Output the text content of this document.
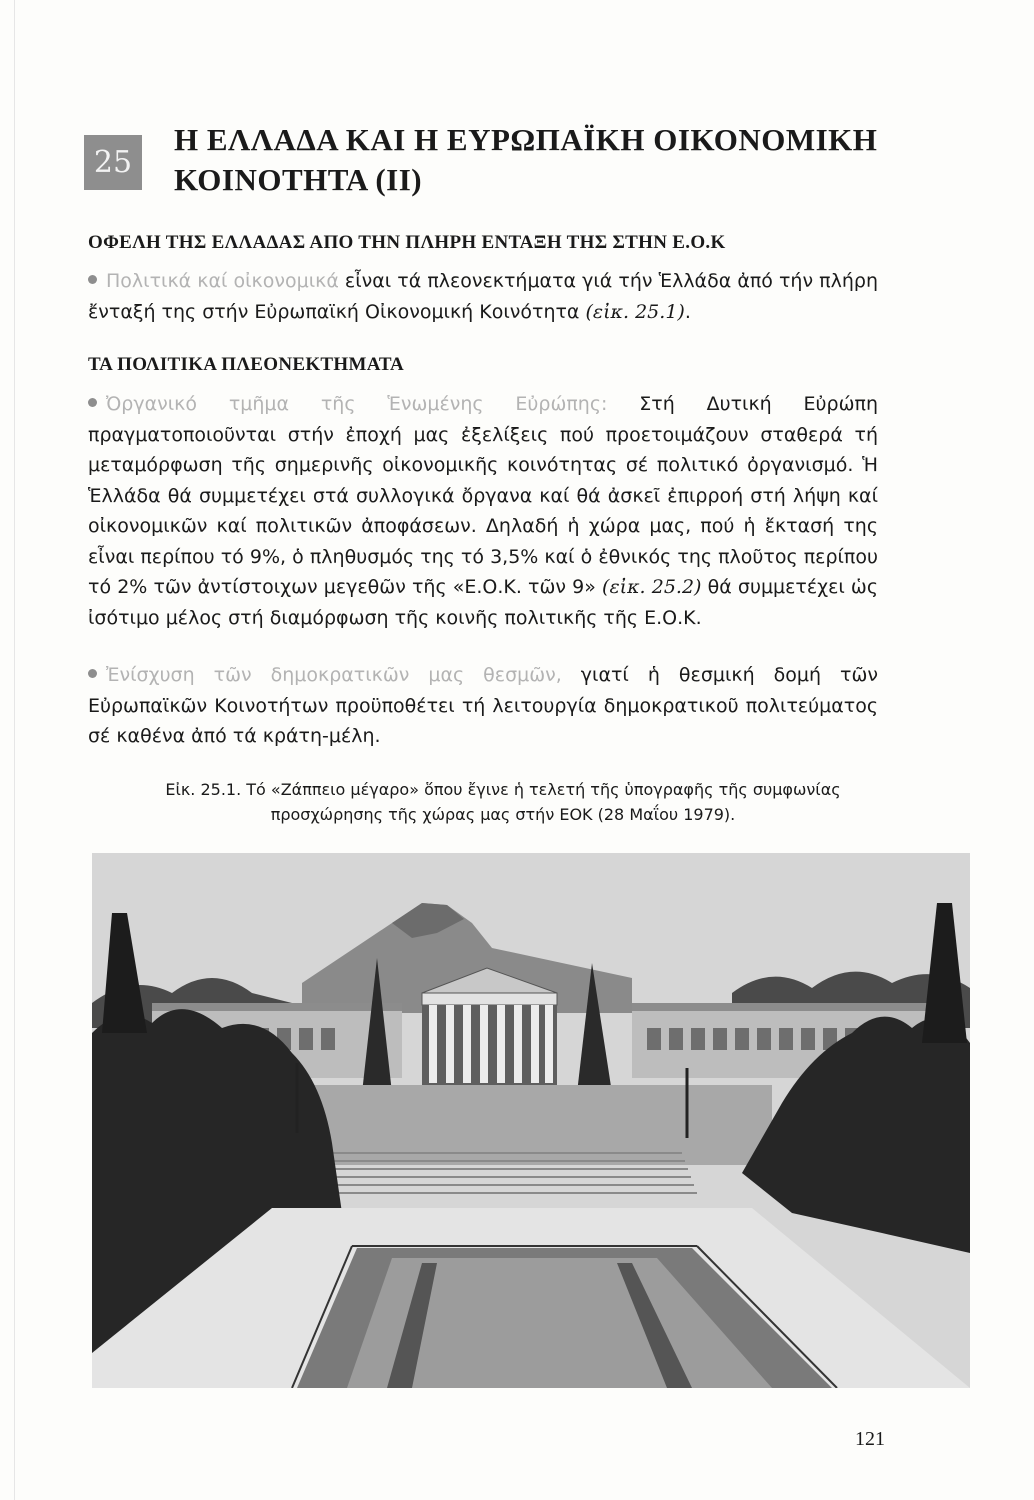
25
Η ΕΛΛΑΔΑ ΚΑΙ Η ΕΥΡΩΠΑΪΚΗ ΟΙΚΟΝΟΜΙΚΗ
ΚΟΙΝΟΤΗΤΑ (ΙΙ)
ΟΦΕΛΗ ΤΗΣ ΕΛΛΑΔΑΣ ΑΠΟ ΤΗΝ ΠΛΗΡΗ ΕΝΤΑΞΗ ΤΗΣ ΣΤΗΝ Ε.Ο.Κ

Πολιτικά καί οἰκονομικά εἶναι τά πλεονεκτήματα γιά τήν Ἑλλάδα ἀπό τήν πλήρη ἔνταξή της στήν Εὐρωπαϊκή Οἰκονομική Κοινότητα (εἰκ. 25.1).

ΤΑ ΠΟΛΙΤΙΚΑ ΠΛΕΟΝΕΚΤΗΜΑΤΑ

Ὀργανικό τμῆμα τῆς Ἑνωμένης Εὐρώπης: Στή Δυτική Εὐρώπη πραγματοποιοῦνται στήν ἐποχή μας ἐξελίξεις πού προετοιμάζουν σταθερά τή μεταμόρφωση τῆς σημερινῆς οἰκονομικῆς κοινότητας σέ πολιτικό ὀργανισμό. Ἡ Ἑλλάδα θά συμμετέχει στά συλλογικά ὄργανα καί θά ἀσκεῖ ἐπιρροή στή λήψη καί οἰκονομικῶν καί πολιτικῶν ἀποφάσεων. Δηλαδή ἡ χώρα μας, πού ἡ ἔκτασή της εἶναι περίπου τό 9%, ὁ πληθυσμός της τό 3,5% καί ὁ ἐθνικός της πλοῦτος περίπου τό 2% τῶν ἀντίστοιχων μεγεθῶν τῆς «Ε.Ο.Κ. τῶν 9» (εἰκ. 25.2) θά συμμετέχει ὡς ἰσότιμο μέλος στή διαμόρφωση τῆς κοινῆς πολιτικῆς τῆς Ε.Ο.Κ.

Ἐνίσχυση τῶν δημοκρατικῶν μας θεσμῶν, γιατί ἡ θεσμική δομή τῶν Εὐρωπαϊκῶν Κοινοτήτων προϋποθέτει τή λειτουργία δημοκρατικοῦ πολιτεύματος σέ καθένα ἀπό τά κράτη-μέλη.

Εἰκ. 25.1. Τό «Ζάππειο μέγαρο» ὅπου ἔγινε ἡ τελετή τῆς ὑπογραφῆς τῆς συμφωνίας
προσχώρησης τῆς χώρας μας στήν ΕΟΚ (28 Μαΐου 1979).

121
